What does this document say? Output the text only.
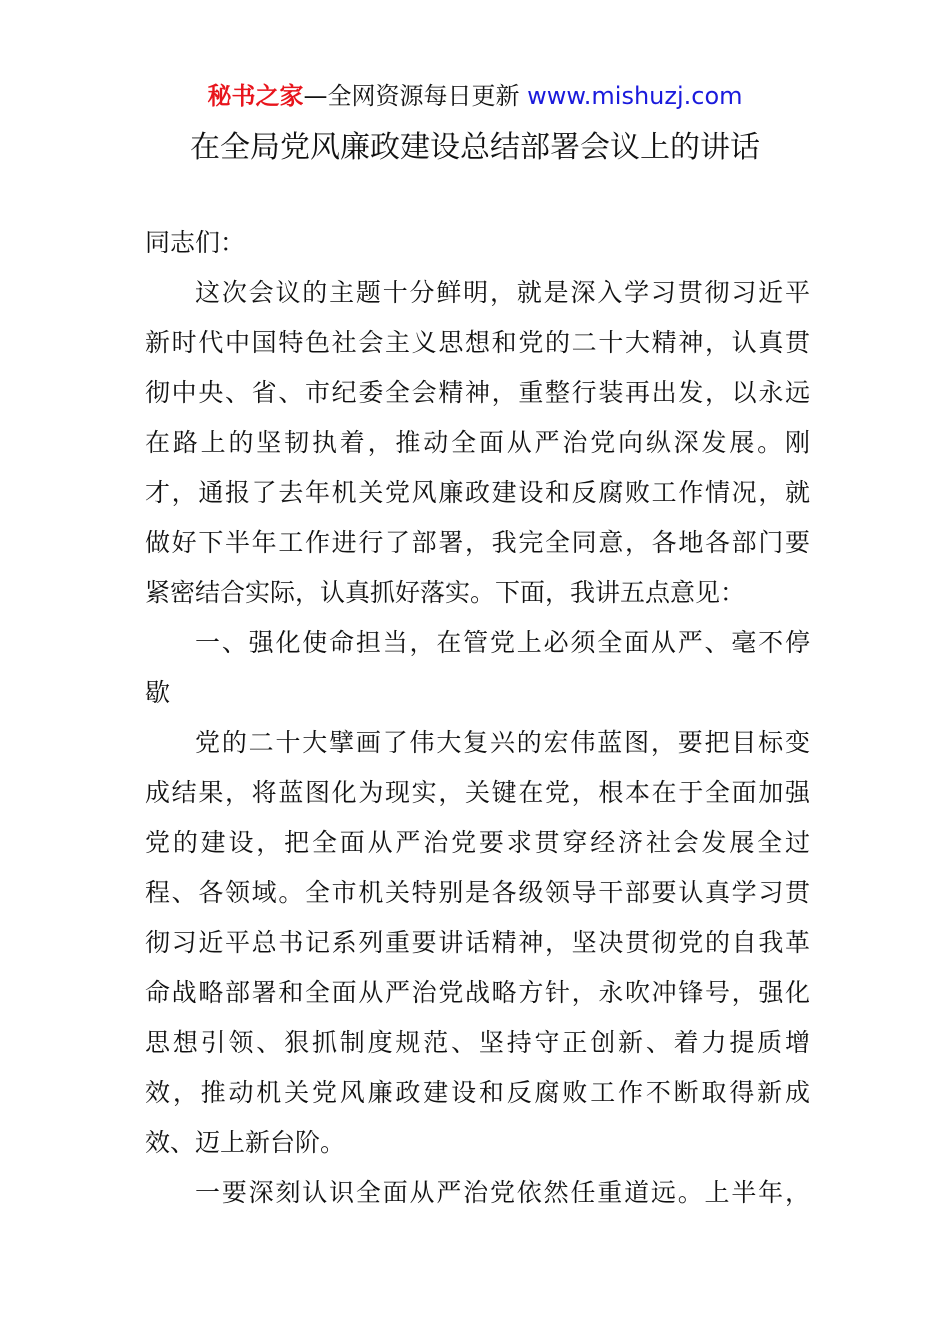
秘书之家—全网资源每日更新 www.mishuzj.com
在全局党风廉政建设总结部署会议上的讲话
同志们：
这次会议的主题十分鲜明，就是深入学习贯彻习近平
新时代中国特色社会主义思想和党的二十大精神，认真贯
彻中央、省、市纪委全会精神，重整行装再出发，以永远
在路上的坚韧执着，推动全面从严治党向纵深发展。刚
才，通报了去年机关党风廉政建设和反腐败工作情况，就
做好下半年工作进行了部署，我完全同意，各地各部门要
紧密结合实际，认真抓好落实。下面，我讲五点意见：
一、强化使命担当，在管党上必须全面从严、毫不停
歇
党的二十大擘画了伟大复兴的宏伟蓝图，要把目标变
成结果，将蓝图化为现实，关键在党，根本在于全面加强
党的建设，把全面从严治党要求贯穿经济社会发展全过
程、各领域。全市机关特别是各级领导干部要认真学习贯
彻习近平总书记系列重要讲话精神，坚决贯彻党的自我革
命战略部署和全面从严治党战略方针，永吹冲锋号，强化
思想引领、狠抓制度规范、坚持守正创新、着力提质增
效，推动机关党风廉政建设和反腐败工作不断取得新成
效、迈上新台阶。
一要深刻认识全面从严治党依然任重道远。上半年，
